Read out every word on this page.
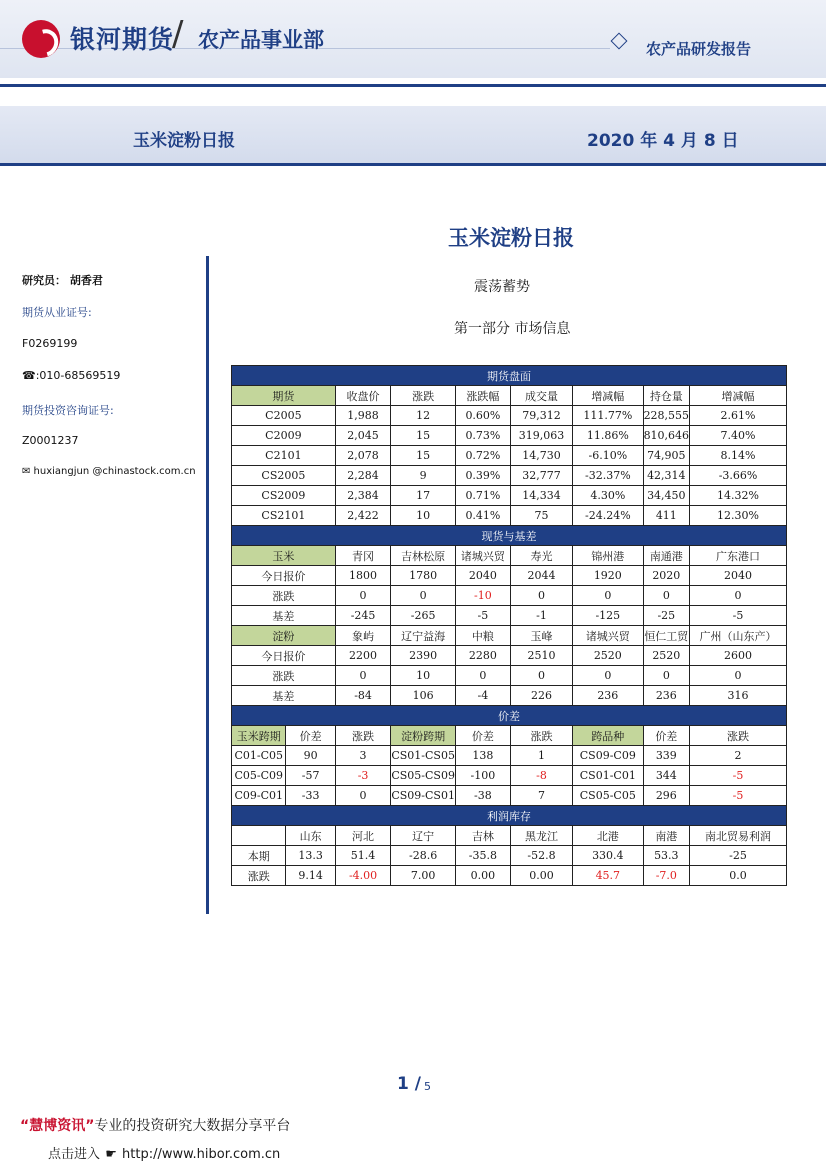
银河期货
/ 农产品事业部	农产品研发报告
玉米淀粉日报	2020 年 4 月 8 日
研究员： 胡香君
期货从业证号:
F0269199
☎:010-68569519
期货投资咨询证号:
Z0001237
✉ huxiangjun @chinastock.com.cn
玉米淀粉日报
震荡蓄势
第一部分 市场信息
期货盘面								
期货		收盘价	涨跌	涨跌幅	成交量	增减幅	持仓量	增减幅
C2005		1,988	12	0.60%	79,312	111.77%	228,555	2.61%
C2009		2,045	15	0.73%	319,063	11.86%	810,646	7.40%
C2101		2,078	15	0.72%	14,730	-6.10%	74,905	8.14%
CS2005		2,284	9	0.39%	32,777	-32.37%	42,314	-3.66%
CS2009		2,384	17	0.71%	14,334	4.30%	34,450	14.32%
CS2101		2,422	10	0.41%	75	-24.24%	411	12.30%
现货与基差								
玉米		青冈	吉林松原	诸城兴贸	寿光	锦州港	南通港	广东港口
今日报价		1800	1780	2040	2044	1920	2020	2040
涨跌		0	0	-10	0	0	0	0
基差		-245	-265	-5	-1	-125	-25	-5
淀粉		象屿	辽宁益海	中粮	玉峰	诸城兴贸	恒仁工贸	广州（山东产）
今日报价		2200	2390	2280	2510	2520	2520	2600
涨跌		0	10	0	0	0	0	0
基差		-84	106	-4	226	236	236	316
价差								
玉米跨期	价差	涨跌	淀粉跨期	价差	涨跌	跨品种	价差	涨跌
C01-C05	90	3	CS01-CS05	138	1	CS09-C09	339	2
C05-C09	-57	-3	CS05-CS09	-100	-8	CS01-C01	344	-5
C09-C01	-33	0	CS09-CS01	-38	7	CS05-C05	296	-5
利润库存								
	山东	河北	辽宁	吉林	黑龙江	北港	南港	南北贸易利润
本期	13.3	51.4	-28.6	-35.8	-52.8	330.4	53.3	-25
涨跌	9.14	-4.00	7.00	0.00	0.00	45.7	-7.0	0.0
1 / 5
“慧博资讯”专业的投资研究大数据分享平台
点击进入 ☛ http://www.hibor.com.cn
